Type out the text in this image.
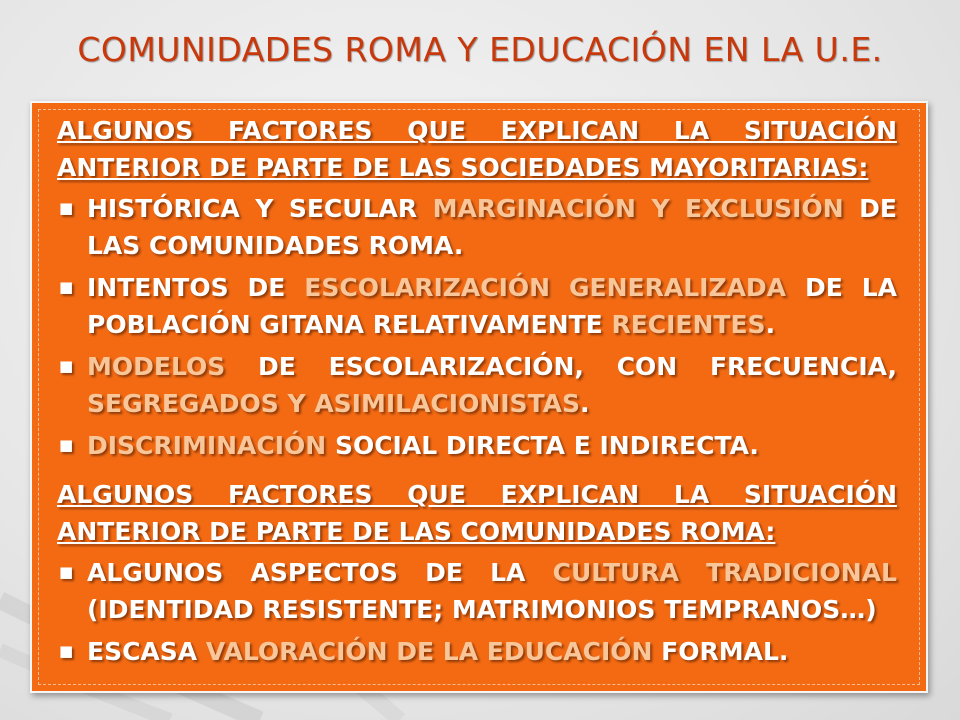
COMUNIDADES ROMA Y EDUCACIÓN EN LA U.E.

ALGUNOS FACTORES QUE EXPLICAN LA SITUACIÓN ANTERIOR DE PARTE DE LAS SOCIEDADES MAYORITARIAS:

■ HISTÓRICA Y SECULAR MARGINACIÓN Y EXCLUSIÓN DE LAS COMUNIDADES ROMA.
■ INTENTOS DE ESCOLARIZACIÓN GENERALIZADA DE LA POBLACIÓN GITANA RELATIVAMENTE RECIENTES.
■ MODELOS DE ESCOLARIZACIÓN, CON FRECUENCIA, SEGREGADOS Y ASIMILACIONISTAS.
■ DISCRIMINACIÓN SOCIAL DIRECTA E INDIRECTA.

ALGUNOS FACTORES QUE EXPLICAN LA SITUACIÓN ANTERIOR DE PARTE DE LAS COMUNIDADES ROMA:

■ ALGUNOS ASPECTOS DE LA CULTURA TRADICIONAL (IDENTIDAD RESISTENTE; MATRIMONIOS TEMPRANOS…)
■ ESCASA VALORACIÓN DE LA EDUCACIÓN FORMAL.
